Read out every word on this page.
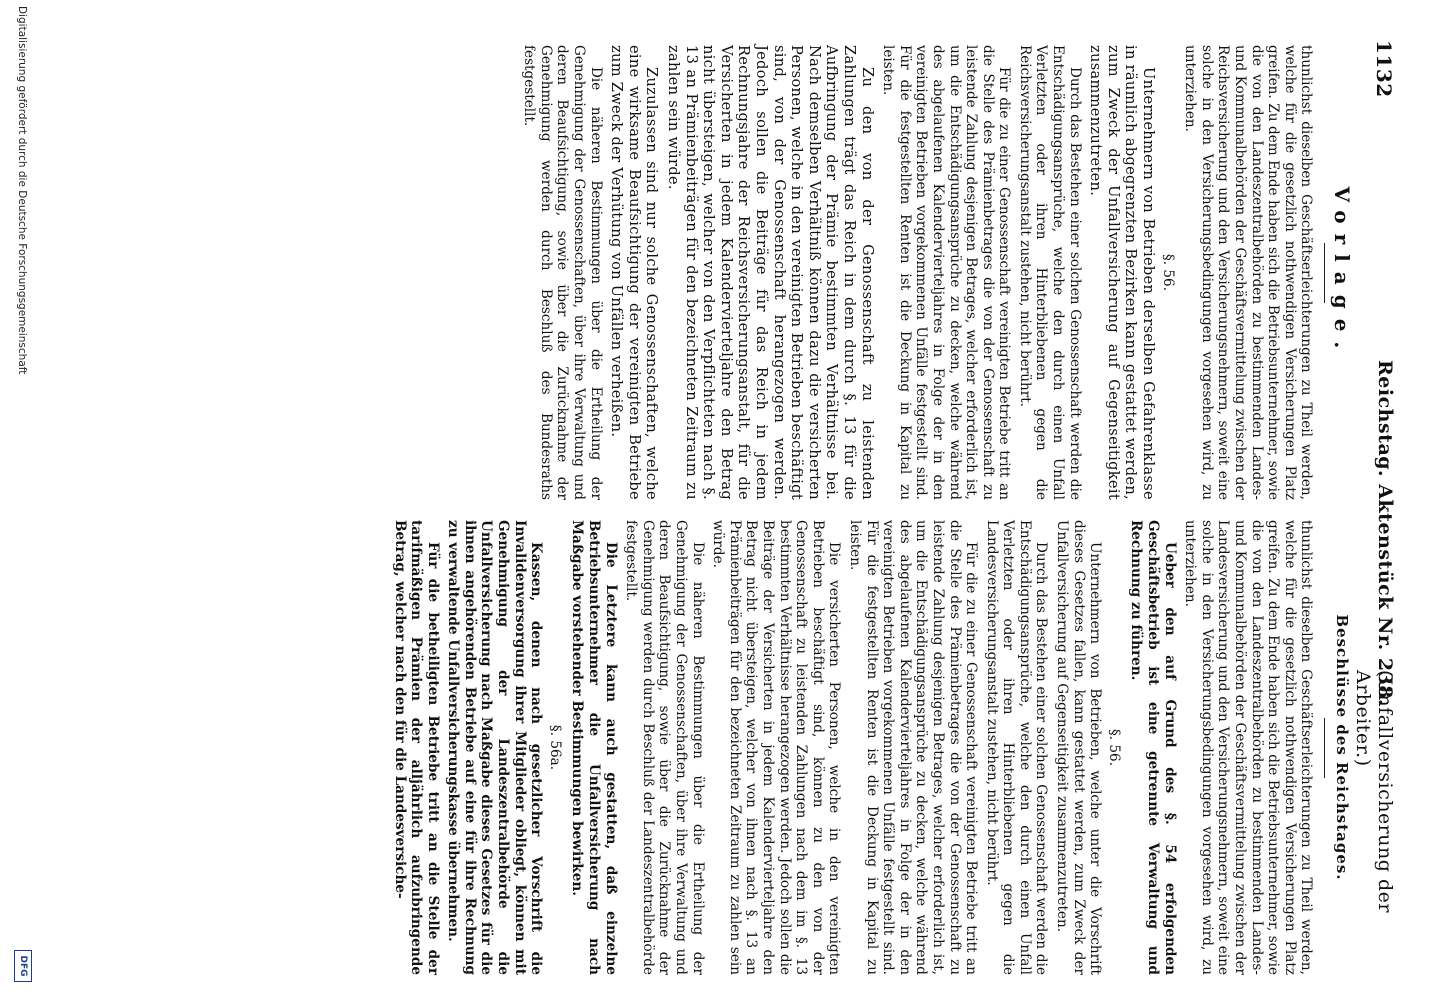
1132
Reichstag. Aktenstück Nr. 238.
(Unfallversicherung der Arbeiter.)
Vorlage.

thunlichst dieselben Geschäftserleichterungen zu Theil werden, welche für die gesetzlich nothwendigen Versicherungen Platz greifen. Zu dem Ende haben sich die Betriebsunternehmer, sowie die von den Landeszentralbehörden zu bestimmenden Landes- und Kommunalbehörden der Geschäftsvermittelung zwischen der Reichsversicherung und den Versicherungsnehmern, soweit eine solche in den Versicherungsbedingungen vorgesehen wird, zu unterziehen.

§. 56.

Unternehmern von Betrieben derselben Gefahrenklasse in räumlich abgegrenzten Bezirken kann gestattet werden, zum Zweck der Unfallversicherung auf Gegenseitigkeit zusammenzutreten.

Durch das Bestehen einer solchen Genossenschaft werden die Entschädigungsansprüche, welche den durch einen Unfall Verletzten oder ihren Hinterbliebenen gegen die Reichsversicherungsanstalt zustehen, nicht berührt.

Für die zu einer Genossenschaft vereinigten Betriebe tritt an die Stelle des Prämienbetrages die von der Genossenschaft zu leistende Zahlung desjenigen Betrages, welcher erforderlich ist, um die Entschädigungsansprüche zu decken, welche während des abgelaufenen Kalendervierteljahres in Folge der in den vereinigten Betrieben vorgekommenen Unfälle festgestellt sind. Für die festgestellten Renten ist die Deckung in Kapital zu leisten.

Zu den von der Genossenschaft zu leistenden Zahlungen trägt das Reich in dem durch §. 13 für die Aufbringung der Prämie bestimmten Verhältnisse bei. Nach demselben Verhältniß können dazu die versicherten Personen, welche in den vereinigten Betrieben beschäftigt sind, von der Genossenschaft herangezogen werden. Jedoch sollen die Beiträge für das Reich in jedem Rechnungsjahre der Reichsversicherungsanstalt, für die Versicherten in jedem Kalendervierteljahre den Betrag nicht übersteigen, welcher von den Verpflichteten nach §. 13 an Prämienbeiträgen für den bezeichneten Zeitraum zu zahlen sein würde.

Zuzulassen sind nur solche Genossenschaften, welche eine wirksame Beaufsichtigung der vereinigten Betriebe zum Zweck der Verhütung von Unfällen verheißen.

Die näheren Bestimmungen über die Ertheilung der Genehmigung der Genossenschaften, über ihre Verwaltung und deren Beaufsichtigung, sowie über die Zurücknahme der Genehmigung werden durch Beschluß des Bundesraths festgestellt.

Beschlüsse des Reichstages.

thunlichst dieselben Geschäftserleichterungen zu Theil werden, welche für die gesetzlich nothwendigen Versicherungen Platz greifen. Zu dem Ende haben sich die Betriebsunternehmer, sowie die von den Landeszentralbehörden zu bestimmenden Landes- und Kommunalbehörden der Geschäftsvermittelung zwischen der Landesversicherung und den Versicherungsnehmern, soweit eine solche in den Versicherungsbedingungen vorgesehen wird, zu unterziehen.

Ueber den auf Grund des §. 54 erfolgenden Geschäftsbetrieb ist eine getrennte Verwaltung und Rechnung zu führen.

§. 56.

Unternehmern von Betrieben, welche unter die Vorschrift dieses Gesetzes fallen, kann gestattet werden, zum Zweck der Unfallversicherung auf Gegenseitigkeit zusammenzutreten.

Durch das Bestehen einer solchen Genossenschaft werden die Entschädigungsansprüche, welche den durch einen Unfall Verletzten oder ihren Hinterbliebenen gegen die Landesversicherungsanstalt zustehen, nicht berührt.

Für die zu einer Genossenschaft vereinigten Betriebe tritt an die Stelle des Prämienbetrages die von der Genossenschaft zu leistende Zahlung desjenigen Betrages, welcher erforderlich ist, um die Entschädigungsansprüche zu decken, welche während des abgelaufenen Kalendervierteljahres in Folge der in den vereinigten Betrieben vorgekommenen Unfälle festgestellt sind. Für die festgestellten Renten ist die Deckung in Kapital zu leisten.

Die versicherten Personen, welche in den vereinigten Betrieben beschäftigt sind, können zu den von der Genossenschaft zu leistenden Zahlungen nach dem im §. 13 bestimmten Verhältnisse herangezogen werden. Jedoch sollen die Beiträge der Versicherten in jedem Kalendervierteljahre den Betrag nicht übersteigen, welcher von ihnen nach §. 13 an Prämienbeiträgen für den bezeichneten Zeitraum zu zahlen sein würde.

Die näheren Bestimmungen über die Ertheilung der Genehmigung der Genossenschaften, über ihre Verwaltung und deren Beaufsichtigung, sowie über die Zurücknahme der Genehmigung werden durch Beschluß der Landeszentralbehörde festgestellt.

Die Letztere kann auch gestatten, daß einzelne Betriebsunternehmer die Unfallversicherung nach Maßgabe vorstehender Bestimmungen bewirken.

§. 56a.

Kassen, denen nach gesetzlicher Vorschrift die Invalidenversorgung ihrer Mitglieder obliegt, können mit Genehmigung der Landeszentralbehörde die Unfallversicherung nach Maßgabe dieses Gesetzes für die ihnen angehörenden Betriebe auf eine für ihre Rechnung zu verwaltende Unfallversicherungskasse übernehmen.

Für die betheiligten Betriebe tritt an die Stelle der tarifmäßigen Prämien der alljährlich aufzubringende Betrag, welcher nach den für die Landesversiche-

Digitalisierung gefördert durch die Deutsche Forschungsgemeinschaft
DFG
